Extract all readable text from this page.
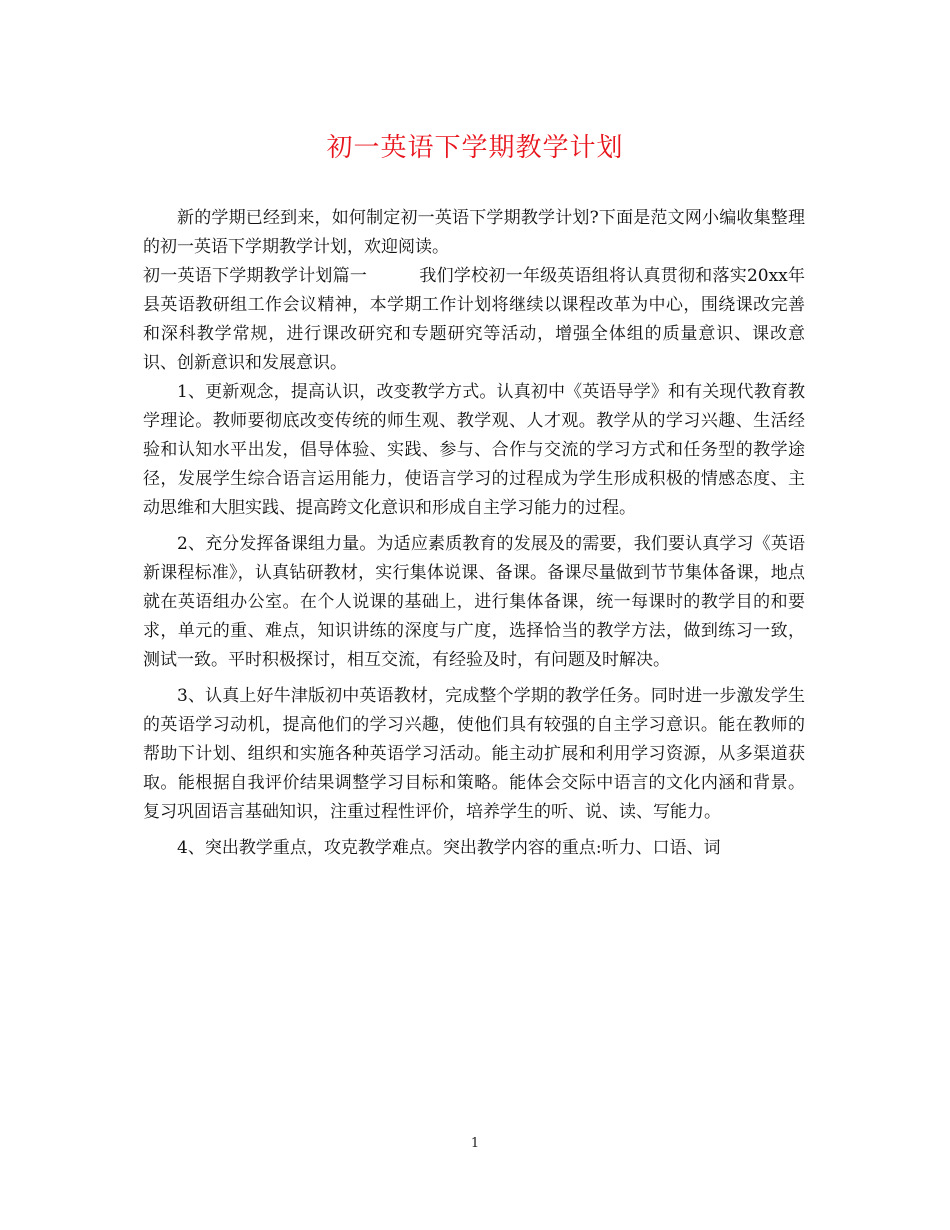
初一英语下学期教学计划

新的学期已经到来，如何制定初一英语下学期教学计划?下面是范文网小编收集整理的初一英语下学期教学计划，欢迎阅读。

初一英语下学期教学计划篇一	我们学校初一年级英语组将认真贯彻和落实20xx年县英语教研组工作会议精神，本学期工作计划将继续以课程改革为中心，围绕课改完善和深科教学常规，进行课改研究和专题研究等活动，增强全体组的质量意识、课改意识、创新意识和发展意识。

1、更新观念，提高认识，改变教学方式。认真初中《英语导学》和有关现代教育教学理论。教师要彻底改变传统的师生观、教学观、人才观。教学从的学习兴趣、生活经验和认知水平出发，倡导体验、实践、参与、合作与交流的学习方式和任务型的教学途径，发展学生综合语言运用能力，使语言学习的过程成为学生形成积极的情感态度、主动思维和大胆实践、提高跨文化意识和形成自主学习能力的过程。

2、充分发挥备课组力量。为适应素质教育的发展及的需要，我们要认真学习《英语新课程标准》，认真钻研教材，实行集体说课、备课。备课尽量做到节节集体备课，地点就在英语组办公室。在个人说课的基础上，进行集体备课，统一每课时的教学目的和要求，单元的重、难点，知识讲练的深度与广度，选择恰当的教学方法，做到练习一致，测试一致。平时积极探讨，相互交流，有经验及时，有问题及时解决。

3、认真上好牛津版初中英语教材，完成整个学期的教学任务。同时进一步激发学生的英语学习动机，提高他们的学习兴趣，使他们具有较强的自主学习意识。能在教师的帮助下计划、组织和实施各种英语学习活动。能主动扩展和利用学习资源，从多渠道获取。能根据自我评价结果调整学习目标和策略。能体会交际中语言的文化内涵和背景。复习巩固语言基础知识，注重过程性评价，培养学生的听、说、读、写能力。

4、突出教学重点，攻克教学难点。突出教学内容的重点:听力、口语、词

1
